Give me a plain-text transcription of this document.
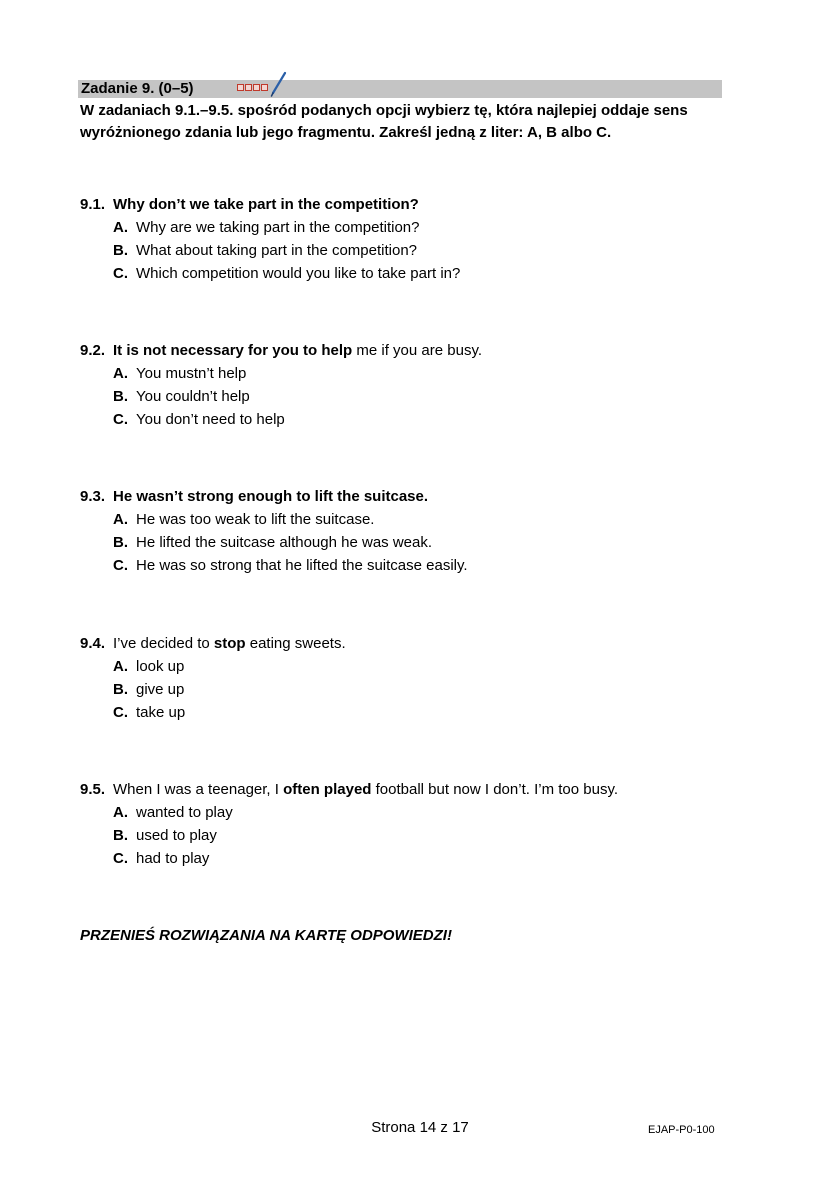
Zadanie 9. (0–5)
W zadaniach 9.1.–9.5. spośród podanych opcji wybierz tę, która najlepiej oddaje sens wyróżnionego zdania lub jego fragmentu. Zakreśl jedną z liter: A, B albo C.
9.1. Why don’t we take part in the competition?
A. Why are we taking part in the competition?
B. What about taking part in the competition?
C. Which competition would you like to take part in?
9.2. It is not necessary for you to help me if you are busy.
A. You mustn’t help
B. You couldn’t help
C. You don’t need to help
9.3. He wasn’t strong enough to lift the suitcase.
A. He was too weak to lift the suitcase.
B. He lifted the suitcase although he was weak.
C. He was so strong that he lifted the suitcase easily.
9.4. I’ve decided to stop eating sweets.
A. look up
B. give up
C. take up
9.5. When I was a teenager, I often played football but now I don’t. I’m too busy.
A. wanted to play
B. used to play
C. had to play
PRZENIEŚ ROZWIĄZANIA NA KARTĘ ODPOWIEDZI!
Strona 14 z 17	EJAP-P0-100
